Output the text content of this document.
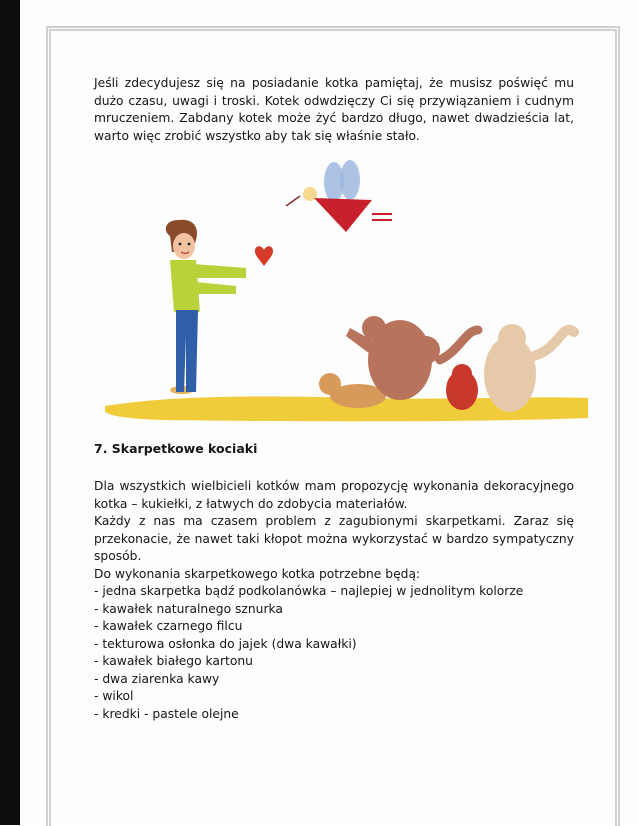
Jeśli zdecydujesz się na posiadanie kotka pamiętaj, że musisz poświęć mu dużo czasu, uwagi i troski. Kotek odwdzięczy Ci się przywiązaniem i cudnym mruczeniem. Zabdany kotek może żyć bardzo długo, nawet dwadzieścia lat, warto więc zrobić wszystko aby tak się właśnie stało.
7. Skarpetkowe kociaki

Dla wszystkich wielbicieli kotków mam propozycję wykonania dekoracyjnego kotka – kukiełki, z łatwych do zdobycia materiałów.

Każdy z nas ma czasem problem z zagubionymi skarpetkami. Zaraz się przekonacie, że nawet taki kłopot można wykorzystać w bardzo sympatyczny sposób.

Do wykonania skarpetkowego kotka potrzebne będą:
- jedna skarpetka bądź podkolanówka – najlepiej w jednolitym kolorze
- kawałek naturalnego sznurka
- kawałek czarnego filcu
- tekturowa osłonka do jajek (dwa kawałki)
- kawałek białego kartonu
- dwa ziarenka kawy
- wikol
- kredki - pastele olejne
